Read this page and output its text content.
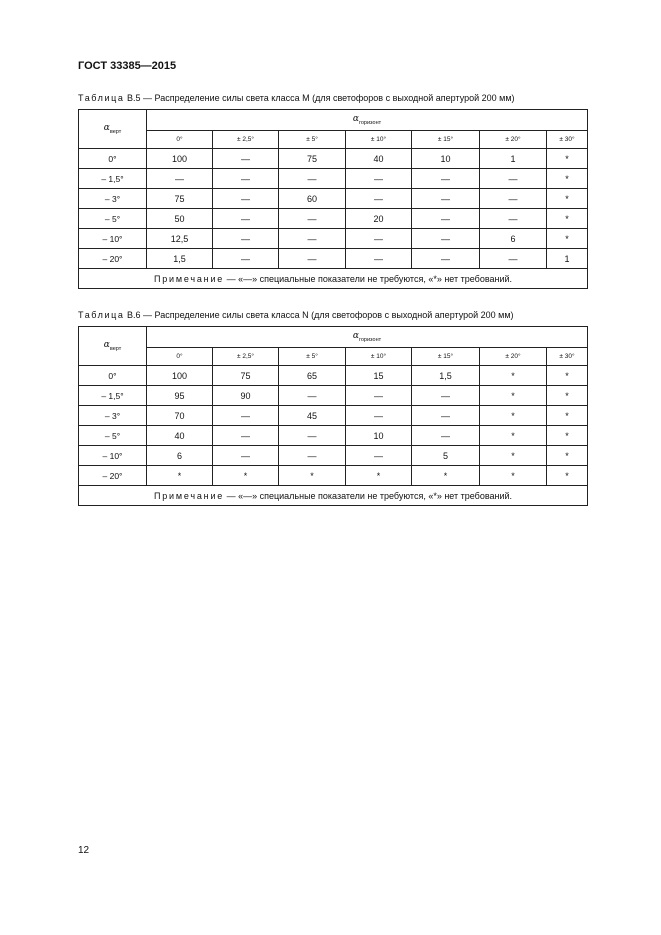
ГОСТ 33385—2015
Таблица В.5 — Распределение силы света класса М (для светофоров с выходной апертурой 200 мм)
$\alpha_{верт}$	$\alpha_{горизонт}$
	0°	± 2,5°	± 5°	± 10°	± 15°	± 20°	± 30°
0°	100	—	75	40	10	1	*
– 1,5°	—	—	—	—	—	—	*
– 3°	75	—	60	—	—	—	*
– 5°	50	—	—	20	—	—	*
– 10°	12,5	—	—	—	—	6	*
– 20°	1,5	—	—	—	—	—	1
Примечание — «—» специальные показатели не требуются, «*» нет требований.							
Таблица В.6 — Распределение силы света класса N (для светофоров с выходной апертурой 200 мм)
$\alpha_{верт}$	$\alpha_{горизонт}$
	0°	± 2,5°	± 5°	± 10°	± 15°	± 20°	± 30°
0°	100	75	65	15	1,5	*	*
– 1,5°	95	90	—	—	—	*	*
– 3°	70	—	45	—	—	*	*
– 5°	40	—	—	10	—	*	*
– 10°	6	—	—	—	5	*	*
– 20°	*	*	*	*	*	*	*
Примечание — «—» специальные показатели не требуются, «*» нет требований.							
12
